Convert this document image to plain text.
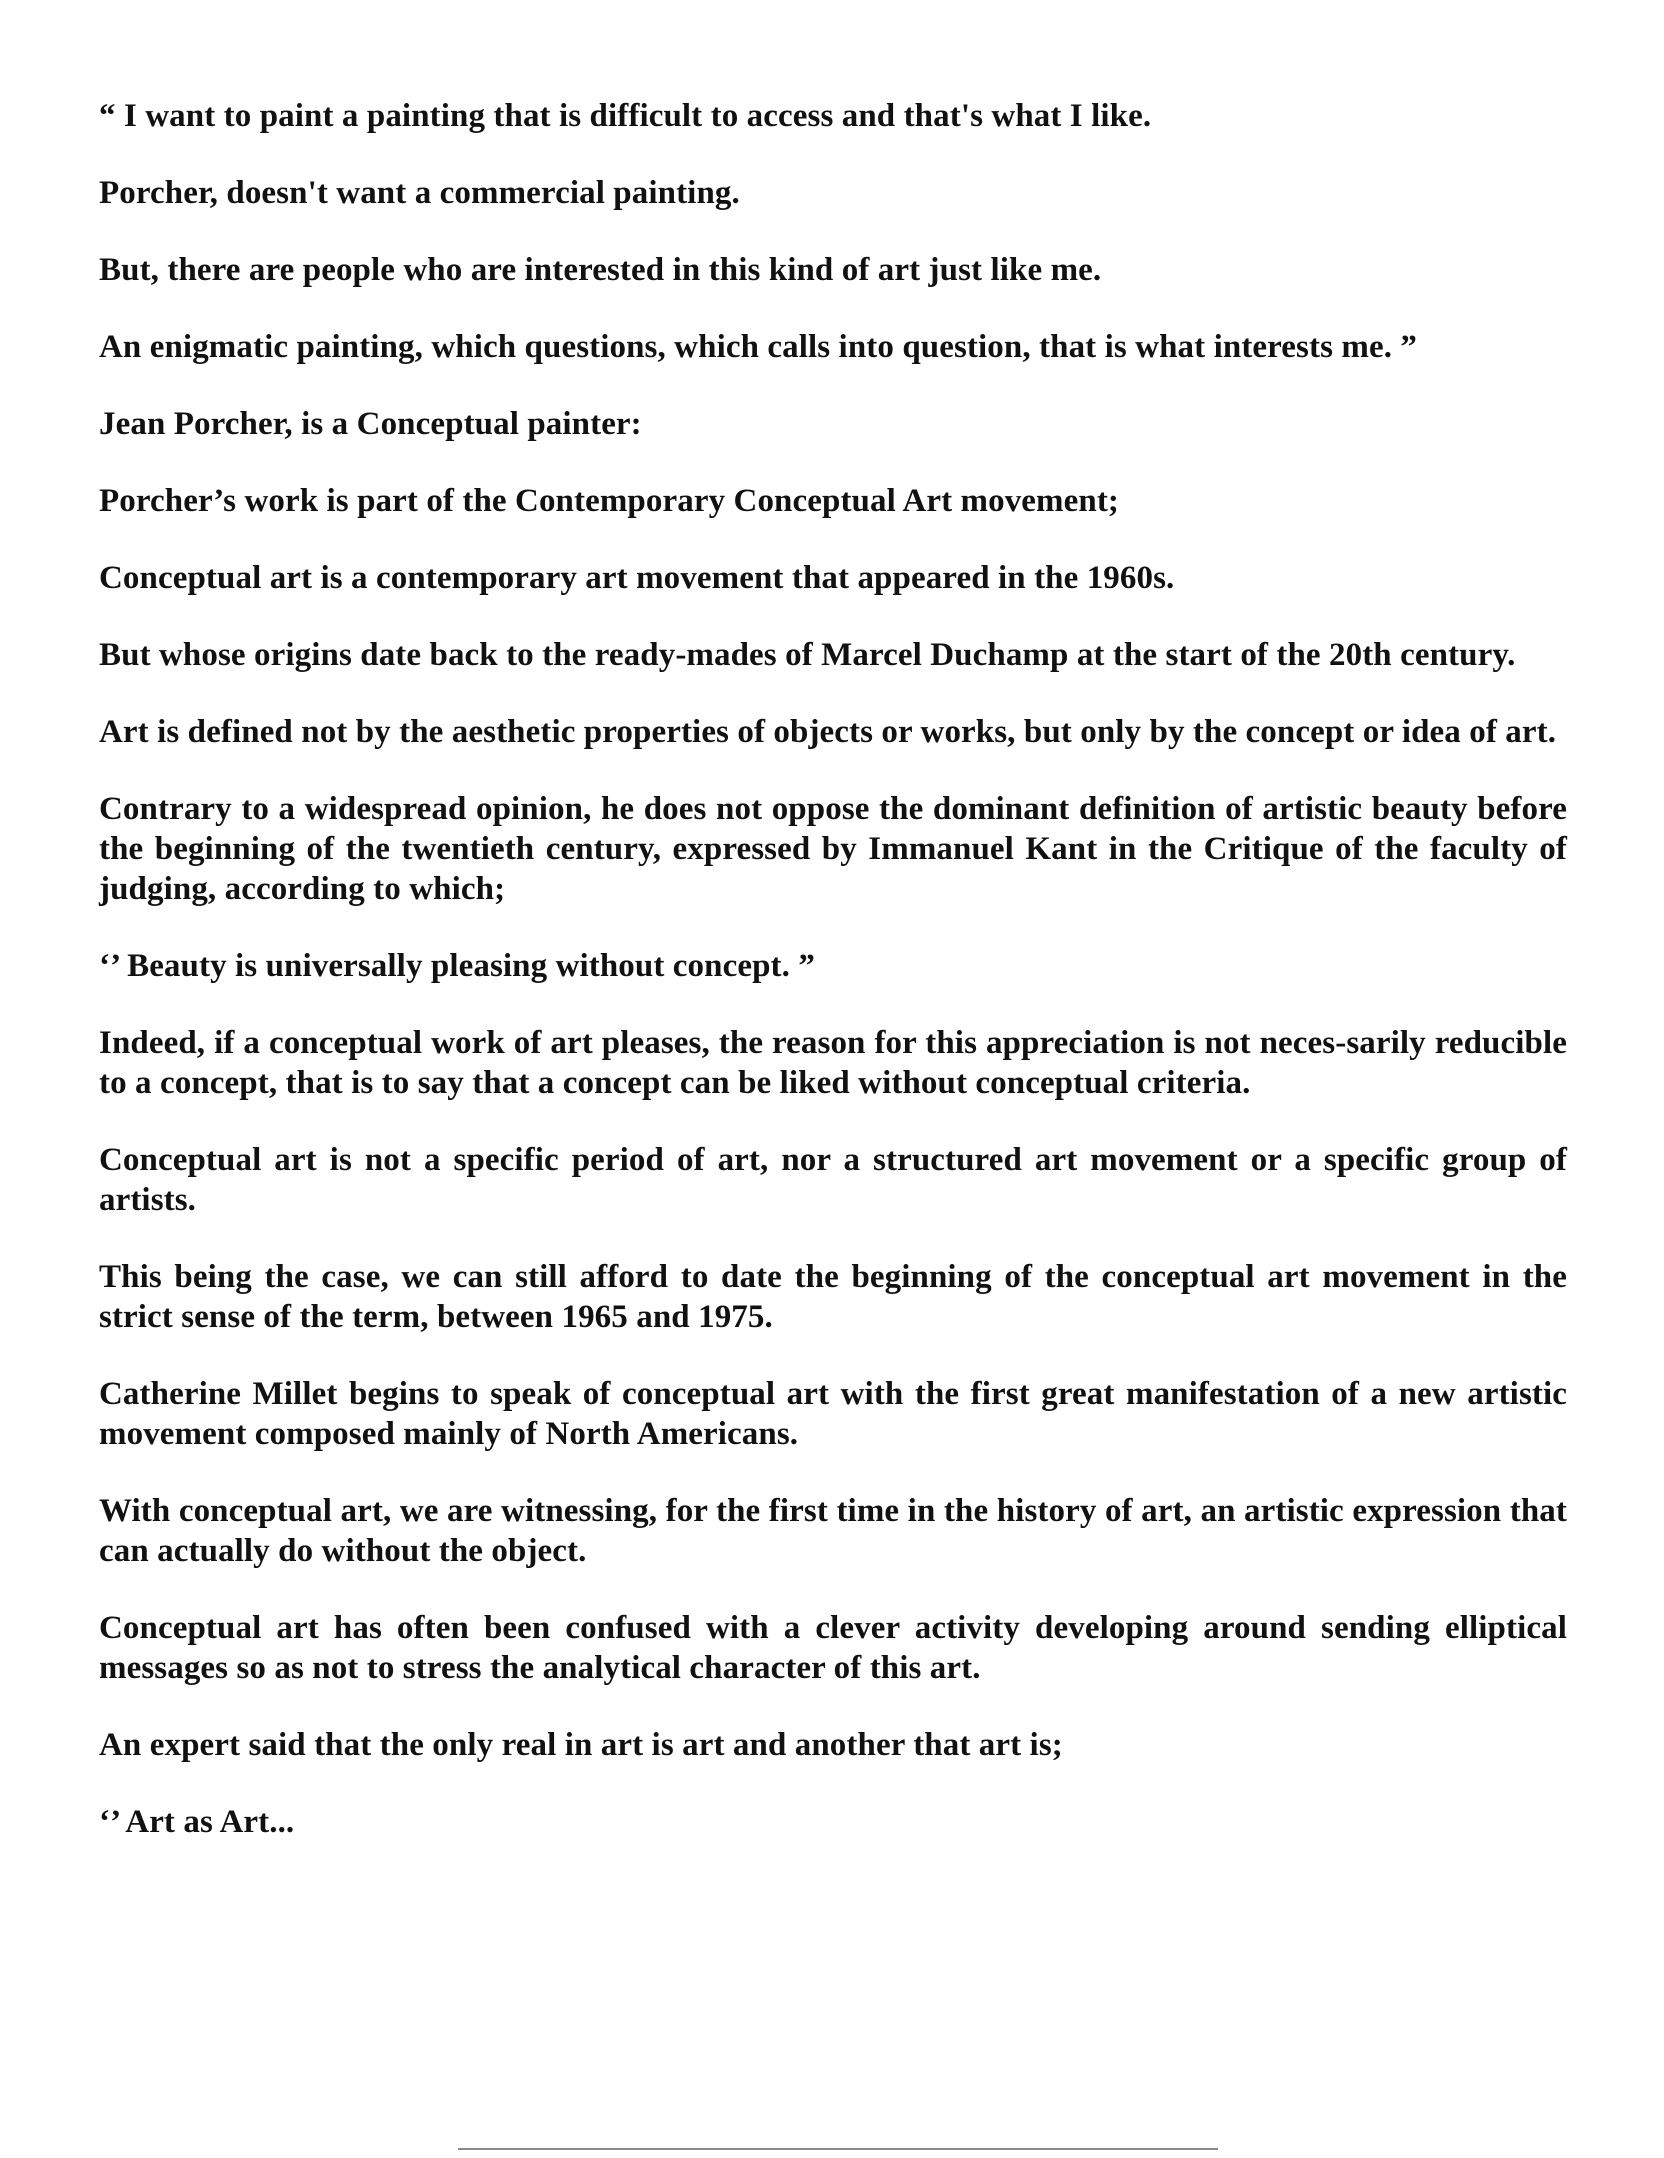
“ I want to paint a painting that is difficult to access and that's what I like.

Porcher, doesn't want a commercial painting.

But, there are people who are interested in this kind of art just like me.

An enigmatic painting, which questions, which calls into question, that is what interests me. ”

Jean Porcher, is a Conceptual painter:

Porcher’s work is part of the Contemporary Conceptual Art movement;

Conceptual art is a contemporary art movement that appeared in the 1960s.

But whose origins date back to the ready-mades of Marcel Duchamp at the start of the 20th century.

Art is defined not by the aesthetic properties of objects or works, but only by the concept or idea of art.

Contrary to a widespread opinion, he does not oppose the dominant definition of artistic beauty before the beginning of the twentieth century, expressed by Immanuel Kant in the Critique of the faculty of judging, according to which;

‘’ Beauty is universally pleasing without concept. ”

Indeed, if a conceptual work of art pleases, the reason for this appreciation is not neces-sarily reducible to a concept, that is to say that a concept can be liked without conceptual criteria.

Conceptual art is not a specific period of art, nor a structured art movement or a specific group of artists.

This being the case, we can still afford to date the beginning of the conceptual art movement in the strict sense of the term, between 1965 and 1975.

Catherine Millet begins to speak of conceptual art with the first great manifestation of a new artistic movement composed mainly of North Americans.

With conceptual art, we are witnessing, for the first time in the history of art, an artistic expression that can actually do without the object.

Conceptual art has often been confused with a clever activity developing around sending elliptical messages so as not to stress the analytical character of this art.

An expert said that the only real in art is art and another that art is;

‘’ Art as Art...
